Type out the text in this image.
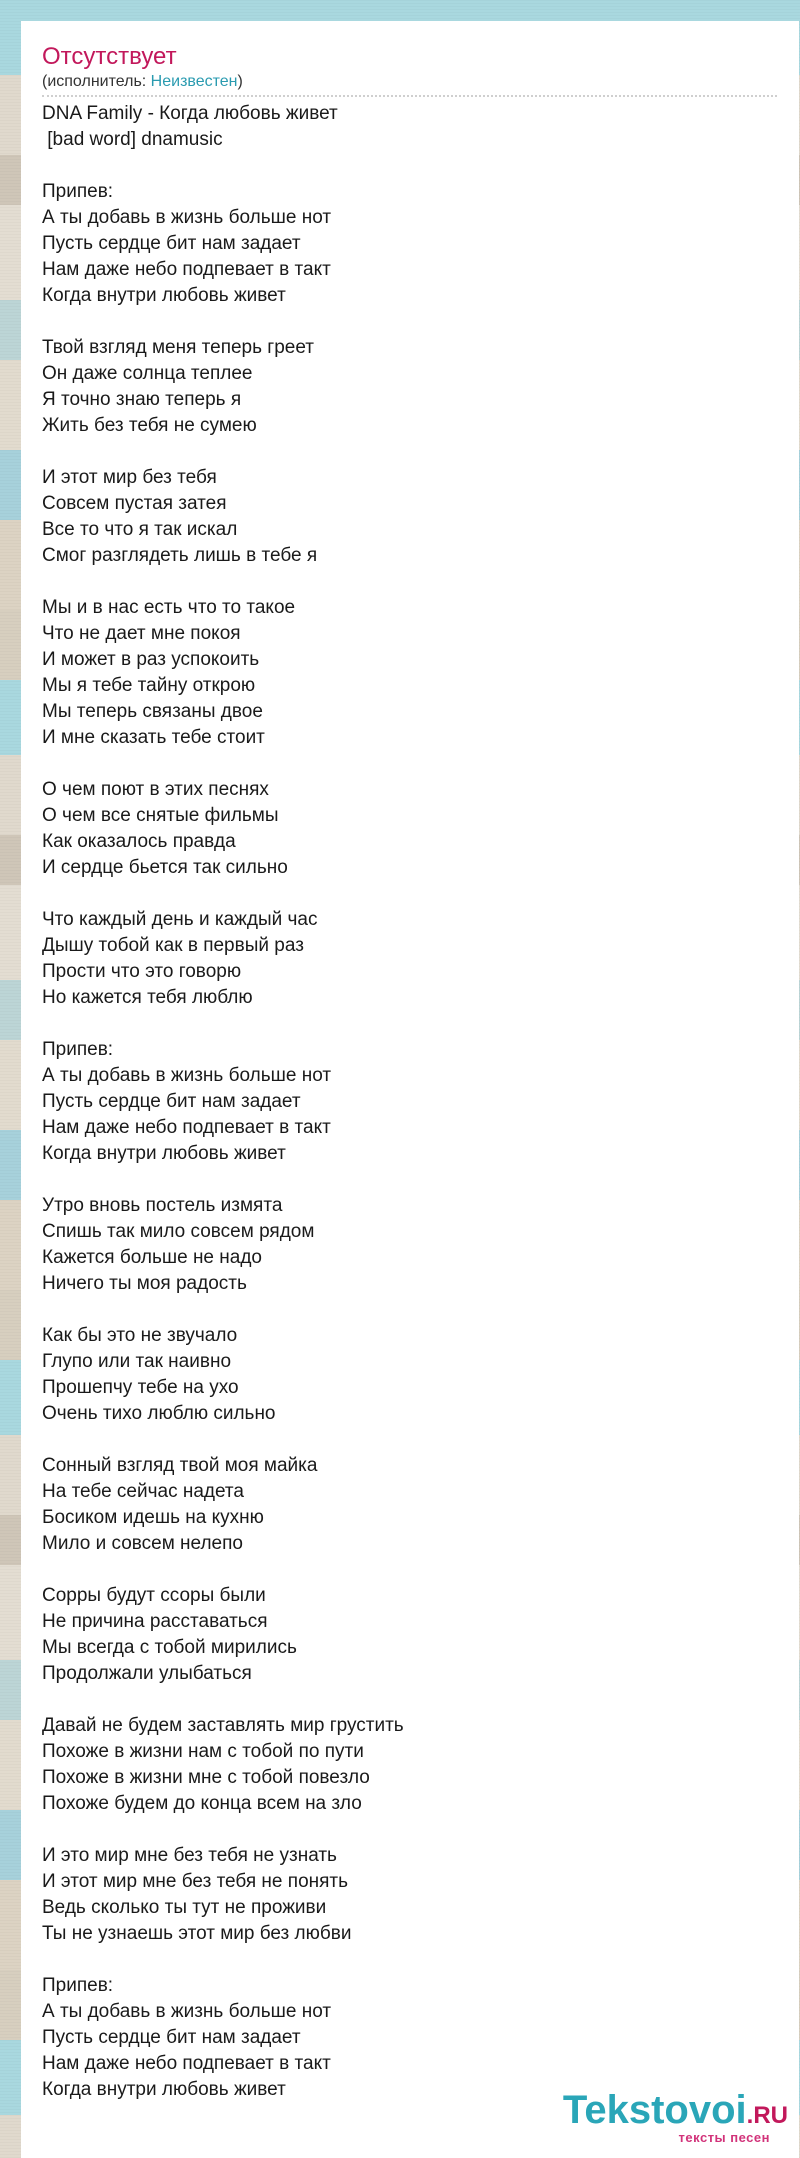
Отсутствует
(исполнитель: Неизвестен)
DNA Family - Когда любовь живет
[bad word] dnamusic

Припев:
А ты добавь в жизнь больше нот
Пусть сердце бит нам задает
Нам даже небо подпевает в такт
Когда внутри любовь живет

Твой взгляд меня теперь греет
Он даже солнца теплее
Я точно знаю теперь я
Жить без тебя не сумею

И этот мир без тебя
Совсем пустая затея
Все то что я так искал
Смог разглядеть лишь в тебе я

Мы и в нас есть что то такое
Что не дает мне покоя
И может в раз успокоить
Мы я тебе тайну открою
Мы теперь связаны двое
И мне сказать тебе стоит

О чем поют в этих песнях
О чем все снятые фильмы
Как оказалось правда
И сердце бьется так сильно

Что каждый день и каждый час
Дышу тобой как в первый раз
Прости что это говорю
Но кажется тебя люблю

Припев:
А ты добавь в жизнь больше нот
Пусть сердце бит нам задает
Нам даже небо подпевает в такт
Когда внутри любовь живет

Утро вновь постель измята
Спишь так мило совсем рядом
Кажется больше не надо
Ничего ты моя радость

Как бы это не звучало
Глупо или так наивно
Прошепчу тебе на ухо
Очень тихо люблю сильно

Сонный взгляд твой моя майка
На тебе сейчас надета
Босиком идешь на кухню
Мило и совсем нелепо

Сорры будут ссоры были
Не причина расставаться
Мы всегда с тобой мирились
Продолжали улыбаться

Давай не будем заставлять мир грустить
Похоже в жизни нам с тобой по пути
Похоже в жизни мне с тобой повезло
Похоже будем до конца всем на зло

И это мир мне без тебя не узнать
И этот мир мне без тебя не понять
Ведь сколько ты тут не проживи
Ты не узнаешь этот мир без любви

Припев:
А ты добавь в жизнь больше нот
Пусть сердце бит нам задает
Нам даже небо подпевает в такт
Когда внутри любовь живет	Tekstovoi.RU
тексты песен
